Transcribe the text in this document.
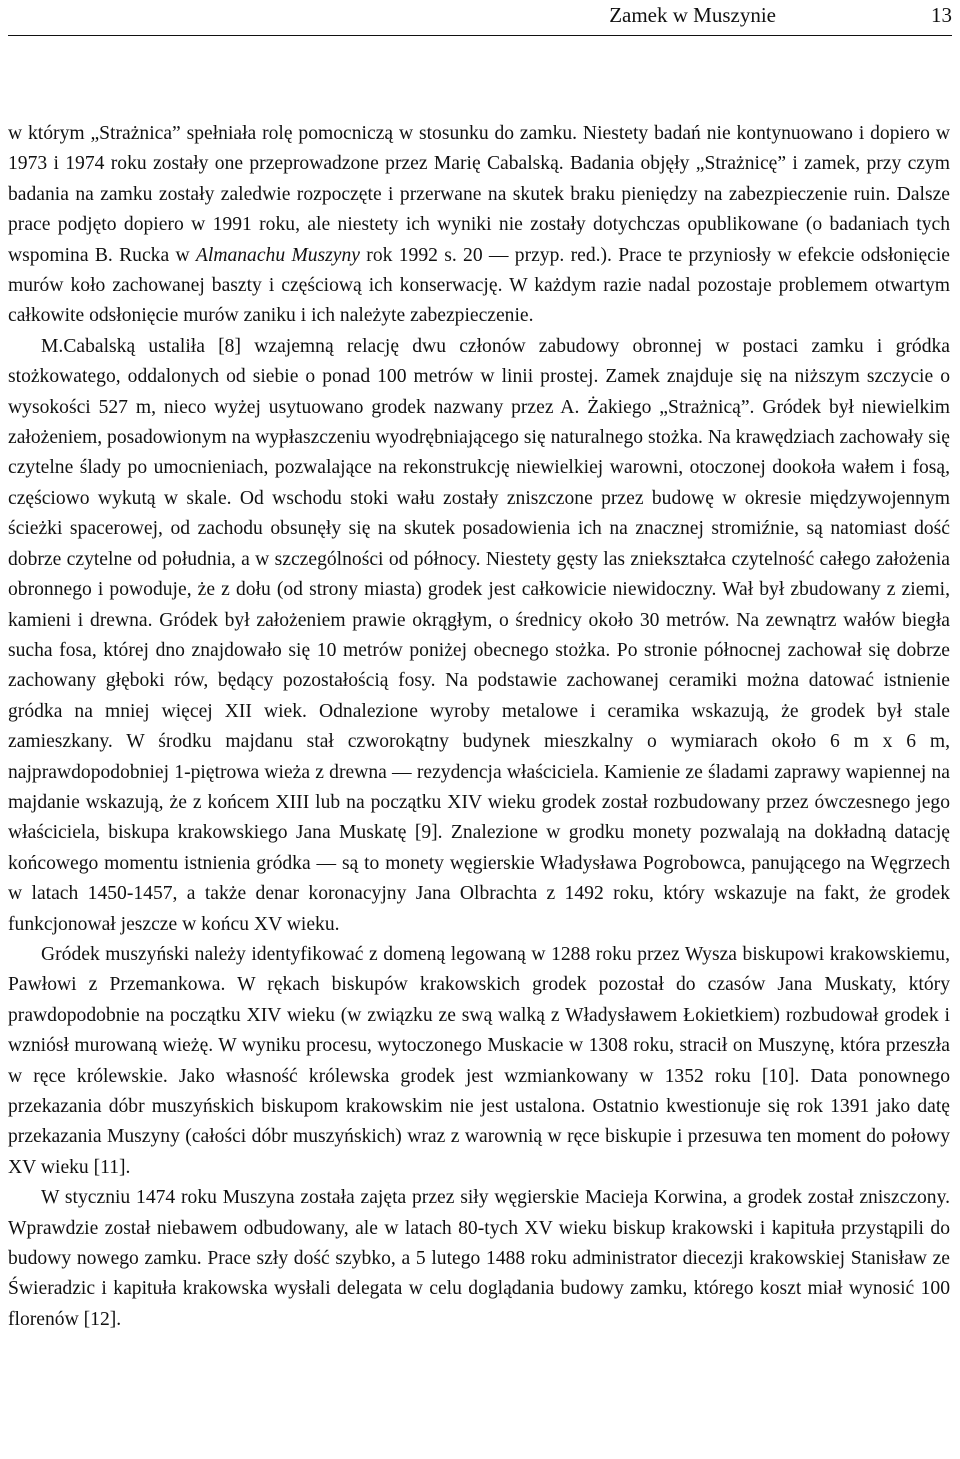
Zamek w Muszynie	13

w którym „Strażnica” spełniała rolę pomocniczą w stosunku do zamku. Niestety badań nie kontynuowano i dopiero w 1973 i 1974 roku zostały one przeprowadzone przez Marię Cabalską. Badania objęły „Strażnicę” i zamek, przy czym badania na zamku zostały zaledwie rozpoczęte i przerwane na skutek braku pieniędzy na zabezpieczenie ruin. Dalsze prace podjęto dopiero w 1991 roku, ale niestety ich wyniki nie zostały dotychczas opublikowane (o badaniach tych wspomina B. Rucka w Almanachu Muszyny rok 1992 s. 20 — przyp. red.). Prace te przyniosły w efekcie odsłonięcie murów koło zachowanej baszty i częściową ich konserwację. W każdym razie nadal pozostaje problemem otwartym całkowite odsłonięcie murów zaniku i ich należyte zabezpieczenie.

M.Cabalską ustaliła [8] wzajemną relację dwu członów zabudowy obronnej w postaci zamku i gródka stożkowatego, oddalonych od siebie o ponad 100 metrów w linii prostej. Zamek znajduje się na niższym szczycie o wysokości 527 m, nieco wyżej usytuowano grodek nazwany przez A. Żakiego „Strażnicą”. Gródek był niewielkim założeniem, posadowionym na wypłaszczeniu wyodrębniającego się naturalnego stożka. Na krawędziach zachowały się czytelne ślady po umocnieniach, pozwalające na rekonstrukcję niewielkiej warowni, otoczonej dookoła wałem i fosą, częściowo wykutą w skale. Od wschodu stoki wału zostały zniszczone przez budowę w okresie międzywojennym ścieżki spacerowej, od zachodu obsunęły się na skutek posadowienia ich na znacznej stromiźnie, są natomiast dość dobrze czytelne od południa, a w szczególności od północy. Niestety gęsty las zniekształca czytelność całego założenia obronnego i powoduje, że z dołu (od strony miasta) grodek jest całkowicie niewidoczny. Wał był zbudowany z ziemi, kamieni i drewna. Gródek był założeniem prawie okrągłym, o średnicy około 30 metrów. Na zewnątrz wałów biegła sucha fosa, której dno znajdowało się 10 metrów poniżej obecnego stożka. Po stronie północnej zachował się dobrze zachowany głęboki rów, będący pozostałością fosy. Na podstawie zachowanej ceramiki można datować istnienie gródka na mniej więcej XII wiek. Odnalezione wyroby metalowe i ceramika wskazują, że grodek był stale zamieszkany. W środku majdanu stał czworokątny budynek mieszkalny o wymiarach około 6 m x 6 m, najprawdopodobniej 1-piętrowa wieża z drewna — rezydencja właściciela. Kamienie ze śladami zaprawy wapiennej na majdanie wskazują, że z końcem XIII lub na początku XIV wieku grodek został rozbudowany przez ówczesnego jego właściciela, biskupa krakowskiego Jana Muskatę [9]. Znalezione w grodku monety pozwalają na dokładną datację końcowego momentu istnienia gródka — są to monety węgierskie Władysława Pogrobowca, panującego na Węgrzech w latach 1450-1457, a także denar koronacyjny Jana Olbrachta z 1492 roku, który wskazuje na fakt, że grodek funkcjonował jeszcze w końcu XV wieku.

Gródek muszyński należy identyfikować z domeną legowaną w 1288 roku przez Wysza biskupowi krakowskiemu, Pawłowi z Przemankowa. W rękach biskupów krakowskich grodek pozostał do czasów Jana Muskaty, który prawdopodobnie na początku XIV wieku (w związku ze swą walką z Władysławem Łokietkiem) rozbudował grodek i wzniósł murowaną wieżę. W wyniku procesu, wytoczonego Muskacie w 1308 roku, stracił on Muszynę, która przeszła w ręce królewskie. Jako własność królewska grodek jest wzmiankowany w 1352 roku [10]. Data ponownego przekazania dóbr muszyńskich biskupom krakowskim nie jest ustalona. Ostatnio kwestionuje się rok 1391 jako datę przekazania Muszyny (całości dóbr muszyńskich) wraz z warownią w ręce biskupie i przesuwa ten moment do połowy XV wieku [11].

W styczniu 1474 roku Muszyna została zajęta przez siły węgierskie Macieja Korwina, a grodek został zniszczony. Wprawdzie został niebawem odbudowany, ale w latach 80-tych XV wieku biskup krakowski i kapituła przystąpili do budowy nowego zamku. Prace szły dość szybko, a 5 lutego 1488 roku administrator diecezji krakowskiej Stanisław ze Świeradzic i kapituła krakowska wysłali delegata w celu doglądania budowy zamku, którego koszt miał wynosić 100 florenów [12].
